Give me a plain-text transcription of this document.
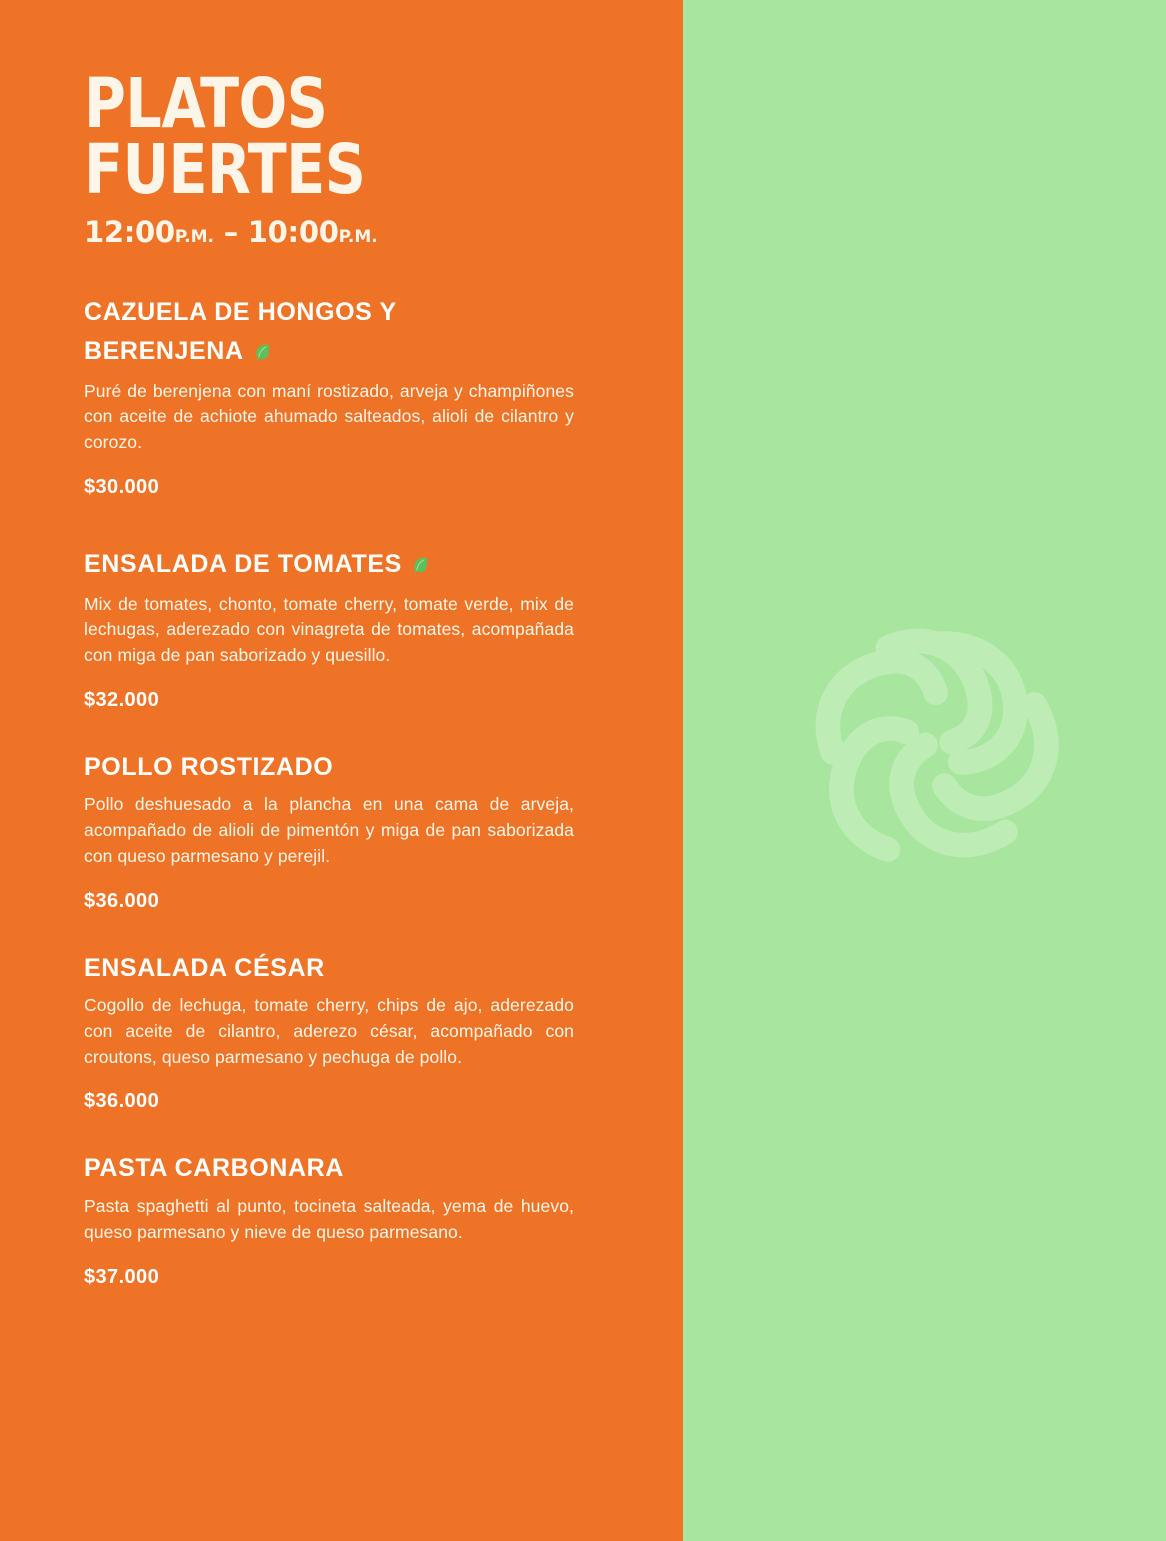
PLATOS FUERTES
12:00P.M. – 10:00P.M.
CAZUELA DE HONGOS Y BERENJENA

Puré de berenjena con maní rostizado, arveja y champiñones con aceite de achiote ahumado salteados, alioli de cilantro y corozo.

$30.000

ENSALADA DE TOMATES

Mix de tomates, chonto, tomate cherry, tomate verde, mix de lechugas, aderezado con vinagreta de tomates, acompañada con miga de pan saborizado y quesillo.

$32.000

POLLO ROSTIZADO

Pollo deshuesado a la plancha en una cama de arveja, acompañado de alioli de pimentón y miga de pan saborizada con queso parmesano y perejil.

$36.000

ENSALADA CÉSAR

Cogollo de lechuga, tomate cherry, chips de ajo, aderezado con aceite de cilantro, aderezo césar, acompañado con croutons, queso parmesano y pechuga de pollo.

$36.000

PASTA CARBONARA

Pasta spaghetti al punto, tocineta salteada, yema de huevo, queso parmesano y nieve de queso parmesano.

$37.000
